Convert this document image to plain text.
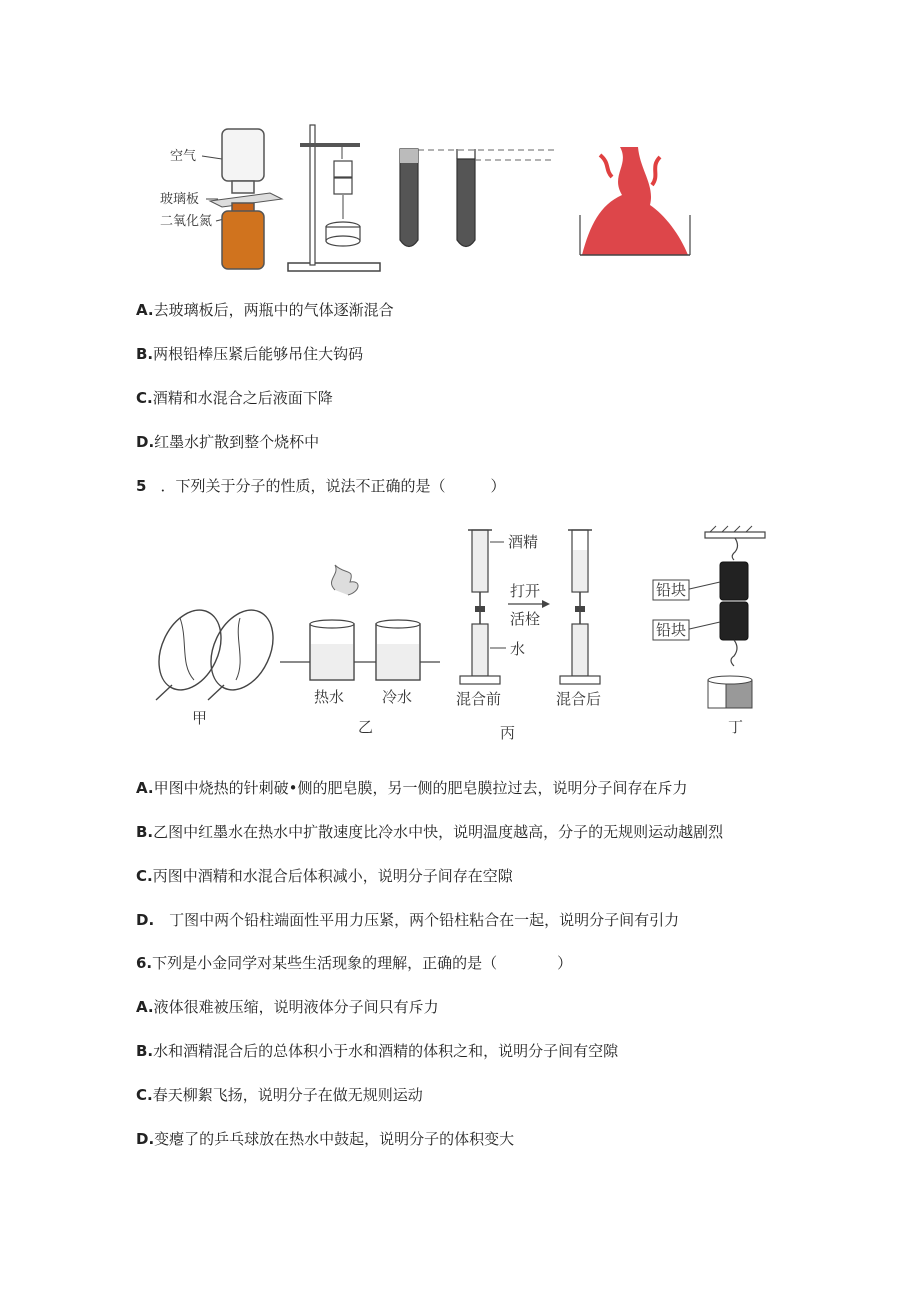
空气
玻璃板
二氧化氮
A.去玻璃板后，两瓶中的气体逐渐混合
B.两根铅棒压紧后能够吊住大钩码
C.酒精和水混合之后液面下降
D.红墨水扩散到整个烧杯中
5 ．下列关于分子的性质，说法不正确的是（　　　）
甲
热水	冷水
乙
酒精
水
打开
活栓
混合前
丙
混合后
铅块
铅块
丁
A.甲图中烧热的针刺破•侧的肥皂膜，另一侧的肥皂膜拉过去，说明分子间存在斥力
B.乙图中红墨水在热水中扩散速度比冷水中快，说明温度越高，分子的无规则运动越剧烈
C.丙图中酒精和水混合后体积减小，说明分子间存在空隙
D.　丁图中两个铅柱端面性平用力压紧，两个铅柱粘合在一起，说明分子间有引力
6.下列是小金同学对某些生活现象的理解，正确的是（　　　　）
A.液体很难被压缩，说明液体分子间只有斥力
B.水和酒精混合后的总体积小于水和酒精的体积之和，说明分子间有空隙
C.春天柳絮飞扬，说明分子在做无规则运动
D.变瘪了的乒乓球放在热水中鼓起，说明分子的体积变大
